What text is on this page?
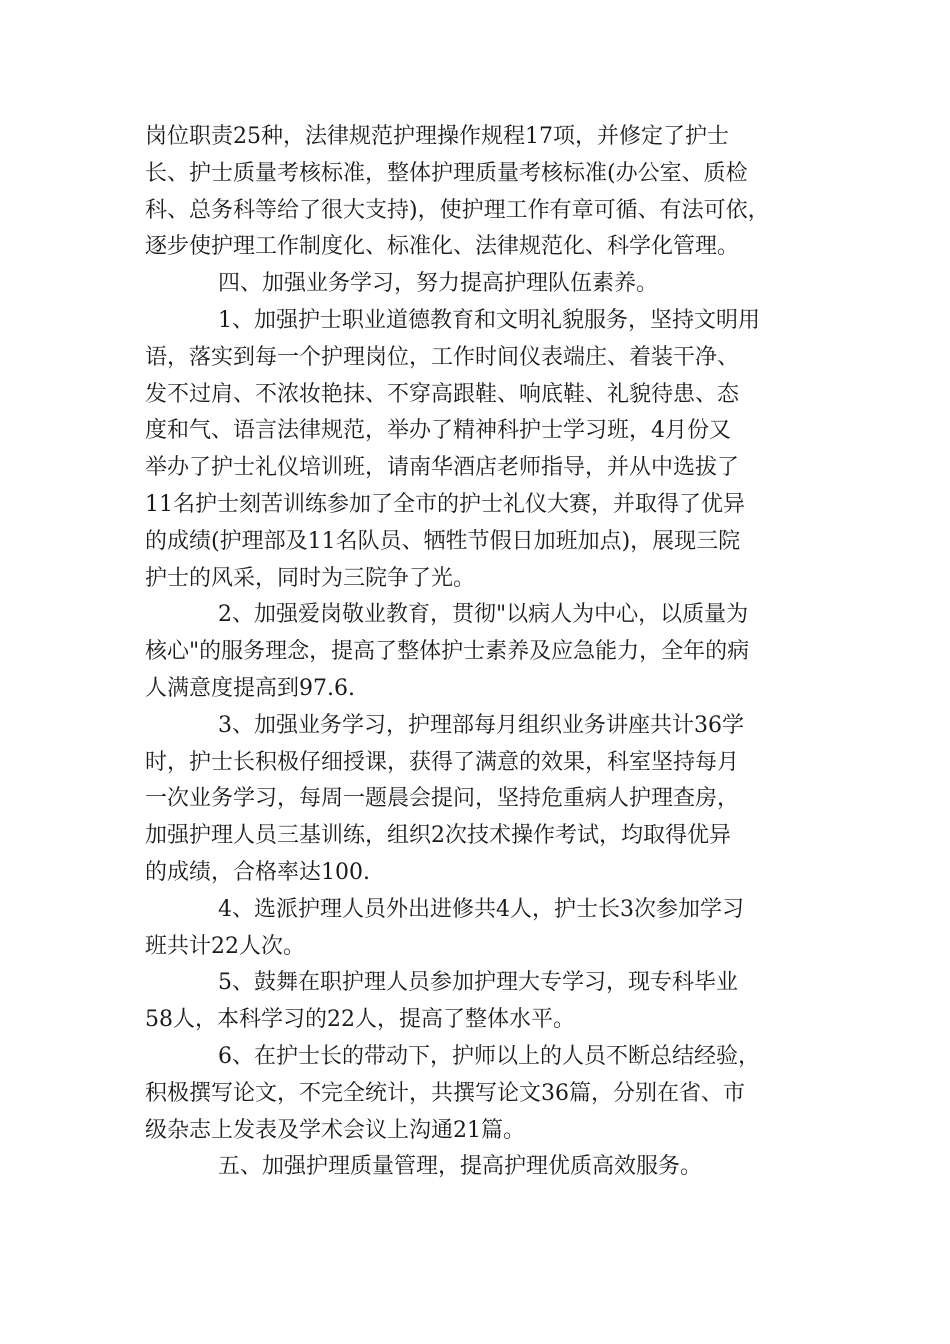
岗位职责25种，法律规范护理操作规程17项，并修定了护士
长、护士质量考核标准，整体护理质量考核标准(办公室、质检
科、总务科等给了很大支持)，使护理工作有章可循、有法可依，
逐步使护理工作制度化、标准化、法律规范化、科学化管理。
四、加强业务学习，努力提高护理队伍素养。
1、加强护士职业道德教育和文明礼貌服务，坚持文明用
语，落实到每一个护理岗位，工作时间仪表端庄、着装干净、
发不过肩、不浓妆艳抹、不穿高跟鞋、响底鞋、礼貌待患、态
度和气、语言法律规范，举办了精神科护士学习班，4月份又
举办了护士礼仪培训班，请南华酒店老师指导，并从中选拔了
11名护士刻苦训练参加了全市的护士礼仪大赛，并取得了优异
的成绩(护理部及11名队员、牺牲节假日加班加点)，展现三院
护士的风采，同时为三院争了光。
2、加强爱岗敬业教育，贯彻"以病人为中心，以质量为
核心"的服务理念，提高了整体护士素养及应急能力，全年的病
人满意度提高到97.6.
3、加强业务学习，护理部每月组织业务讲座共计36学
时，护士长积极仔细授课，获得了满意的效果，科室坚持每月
一次业务学习，每周一题晨会提问，坚持危重病人护理查房，
加强护理人员三基训练，组织2次技术操作考试，均取得优异
的成绩，合格率达100.
4、选派护理人员外出进修共4人，护士长3次参加学习
班共计22人次。
5、鼓舞在职护理人员参加护理大专学习，现专科毕业
58人，本科学习的22人，提高了整体水平。
6、在护士长的带动下，护师以上的人员不断总结经验，
积极撰写论文，不完全统计，共撰写论文36篇，分别在省、市
级杂志上发表及学术会议上沟通21篇。
五、加强护理质量管理，提高护理优质高效服务。
